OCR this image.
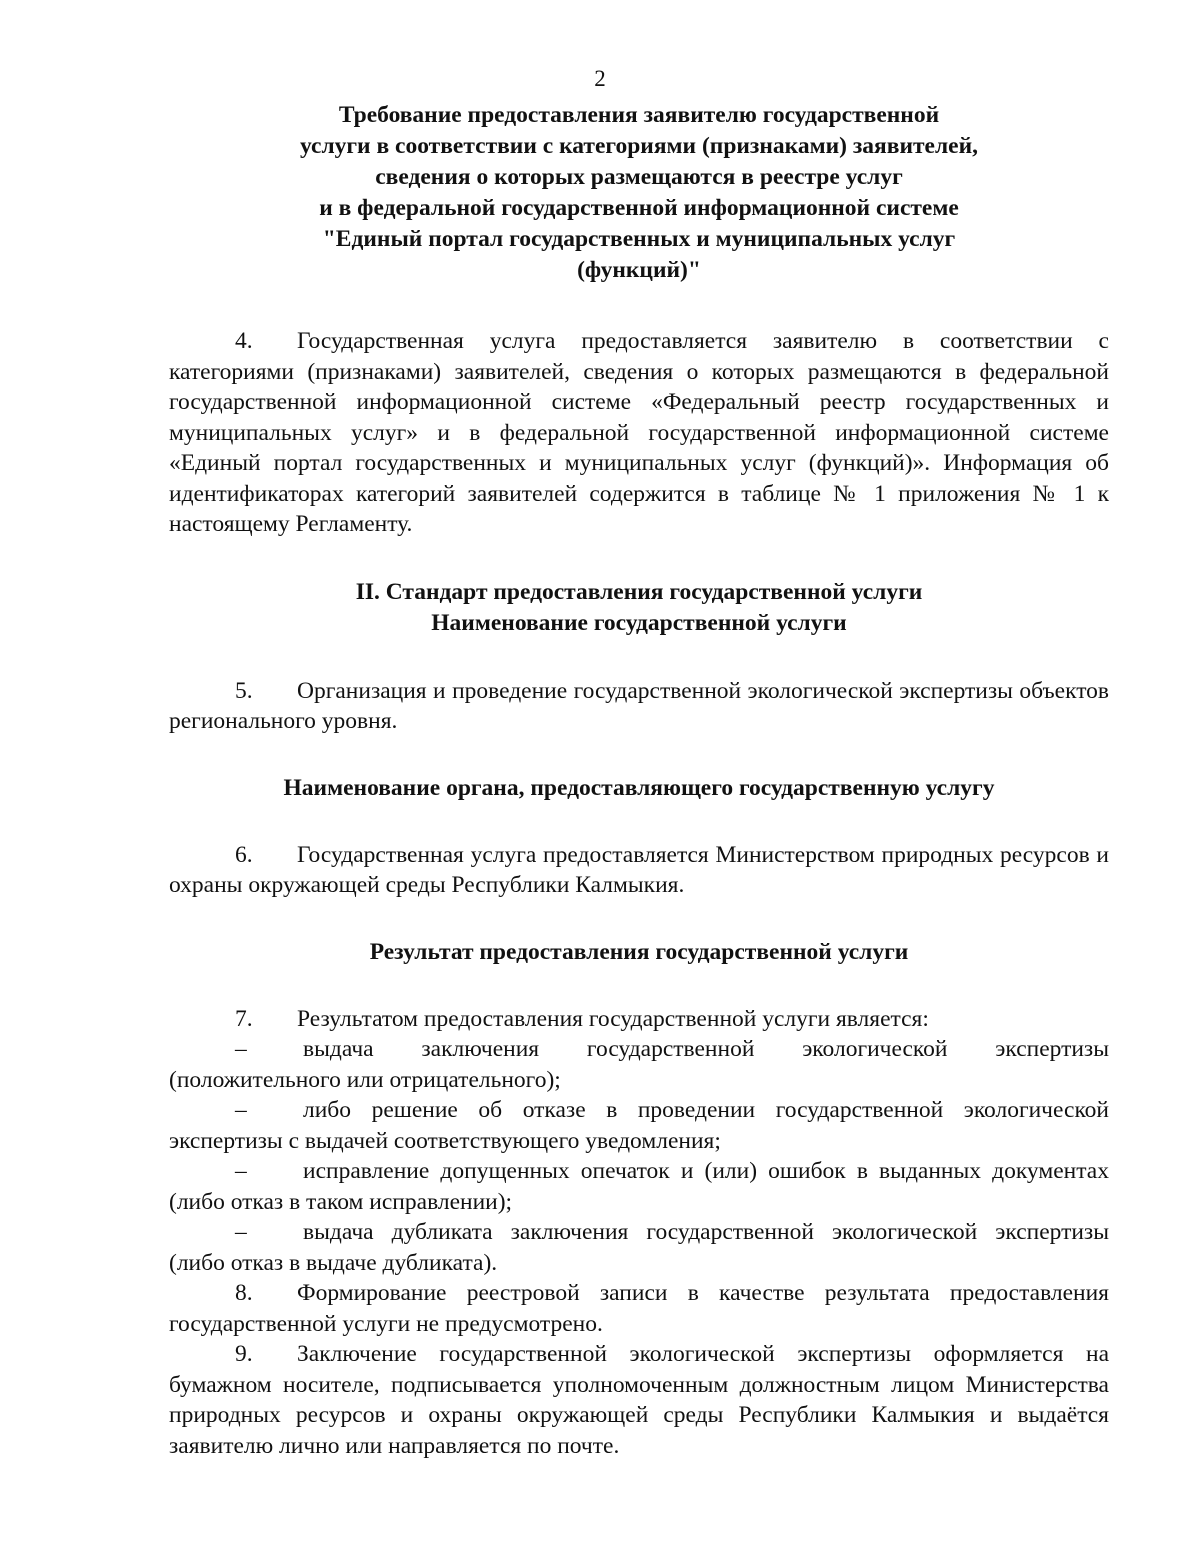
2
Требование предоставления заявителю государственной
услуги в соответствии с категориями (признаками) заявителей,
сведения о которых размещаются в реестре услуг
и в федеральной государственной информационной системе
"Единый портал государственных и муниципальных услуг
(функций)"

4. Государственная услуга предоставляется заявителю в соответствии с категориями (признаками) заявителей, сведения о которых размещаются в федеральной государственной информационной системе «Федеральный реестр государственных и муниципальных услуг» и в федеральной государственной информационной системе «Единый портал государственных и муниципальных услуг (функций)». Информация об идентификаторах категорий заявителей содержится в таблице № 1 приложения № 1 к настоящему Регламенту.

II. Стандарт предоставления государственной услуги
Наименование государственной услуги

5. Организация и проведение государственной экологической экспертизы объектов регионального уровня.

Наименование органа, предоставляющего государственную услугу

6. Государственная услуга предоставляется Министерством природных ресурсов и охраны окружающей среды Республики Калмыкия.

Результат предоставления государственной услуги

7. Результатом предоставления государственной услуги является:

– выдача заключения государственной экологической экспертизы (положительного или отрицательного);

– либо решение об отказе в проведении государственной экологической экспертизы с выдачей соответствующего уведомления;

– исправление допущенных опечаток и (или) ошибок в выданных документах (либо отказ в таком исправлении);

– выдача дубликата заключения государственной экологической экспертизы (либо отказ в выдаче дубликата).

8. Формирование реестровой записи в качестве результата предоставления государственной услуги не предусмотрено.

9. Заключение государственной экологической экспертизы оформляется на бумажном носителе, подписывается уполномоченным должностным лицом Министерства природных ресурсов и охраны окружающей среды Республики Калмыкия и выдаётся заявителю лично или направляется по почте.
